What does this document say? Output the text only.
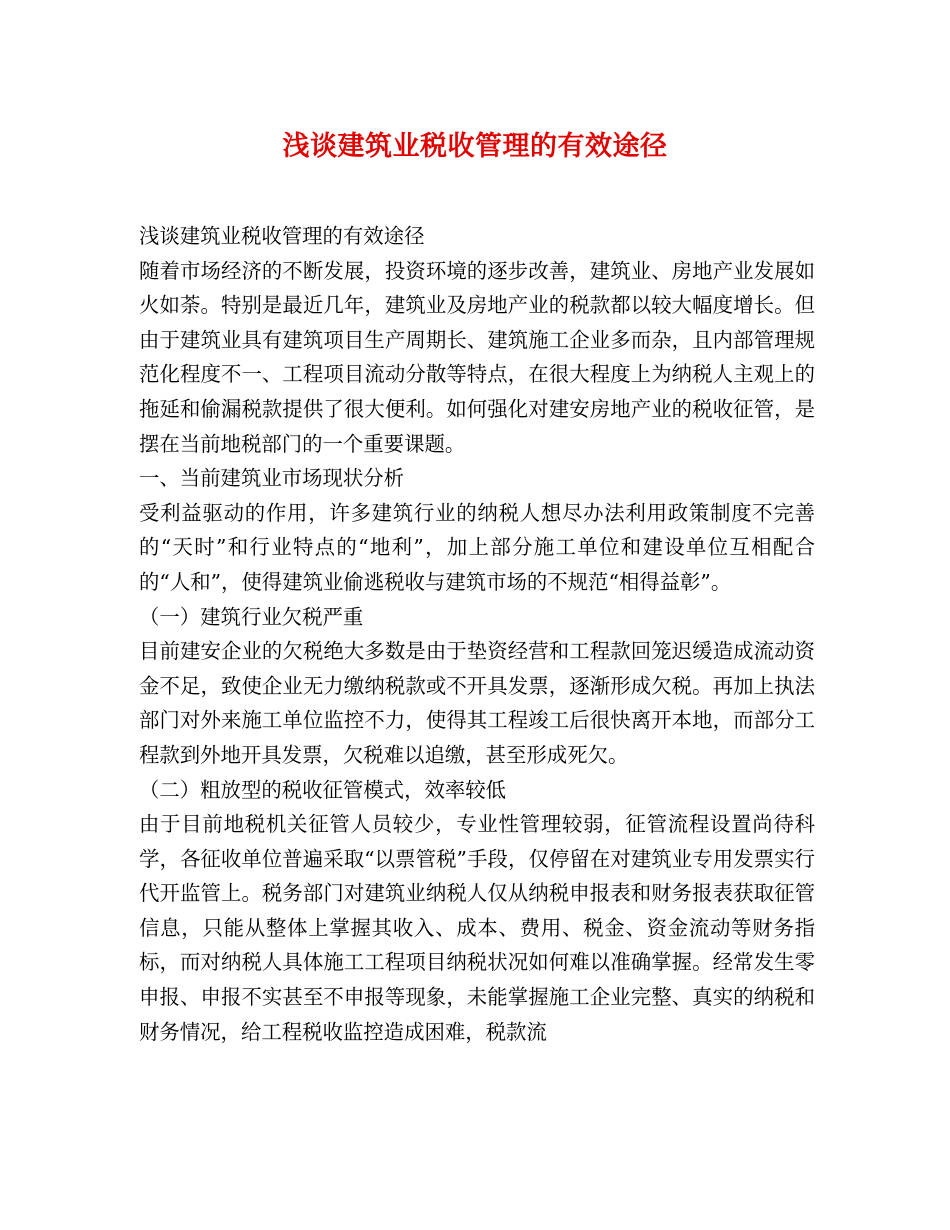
浅谈建筑业税收管理的有效途径

浅谈建筑业税收管理的有效途径

随着市场经济的不断发展，投资环境的逐步改善，建筑业、房地产业发展如火如荼。特别是最近几年，建筑业及房地产业的税款都以较大幅度增长。但由于建筑业具有建筑项目生产周期长、建筑施工企业多而杂，且内部管理规范化程度不一、工程项目流动分散等特点，在很大程度上为纳税人主观上的拖延和偷漏税款提供了很大便利。如何强化对建安房地产业的税收征管，是摆在当前地税部门的一个重要课题。

一、当前建筑业市场现状分析

受利益驱动的作用，许多建筑行业的纳税人想尽办法利用政策制度不完善的“天时”和行业特点的“地利”，加上部分施工单位和建设单位互相配合的“人和”，使得建筑业偷逃税收与建筑市场的不规范“相得益彰”。

（一）建筑行业欠税严重

目前建安企业的欠税绝大多数是由于垫资经营和工程款回笼迟缓造成流动资金不足，致使企业无力缴纳税款或不开具发票，逐渐形成欠税。再加上执法部门对外来施工单位监控不力，使得其工程竣工后很快离开本地，而部分工程款到外地开具发票，欠税难以追缴，甚至形成死欠。

（二）粗放型的税收征管模式，效率较低

由于目前地税机关征管人员较少，专业性管理较弱，征管流程设置尚待科学，各征收单位普遍采取“以票管税”手段，仅停留在对建筑业专用发票实行代开监管上。税务部门对建筑业纳税人仅从纳税申报表和财务报表获取征管信息，只能从整体上掌握其收入、成本、费用、税金、资金流动等财务指标，而对纳税人具体施工工程项目纳税状况如何难以准确掌握。经常发生零申报、申报不实甚至不申报等现象，未能掌握施工企业完整、真实的纳税和财务情况，给工程税收监控造成困难，税款流
